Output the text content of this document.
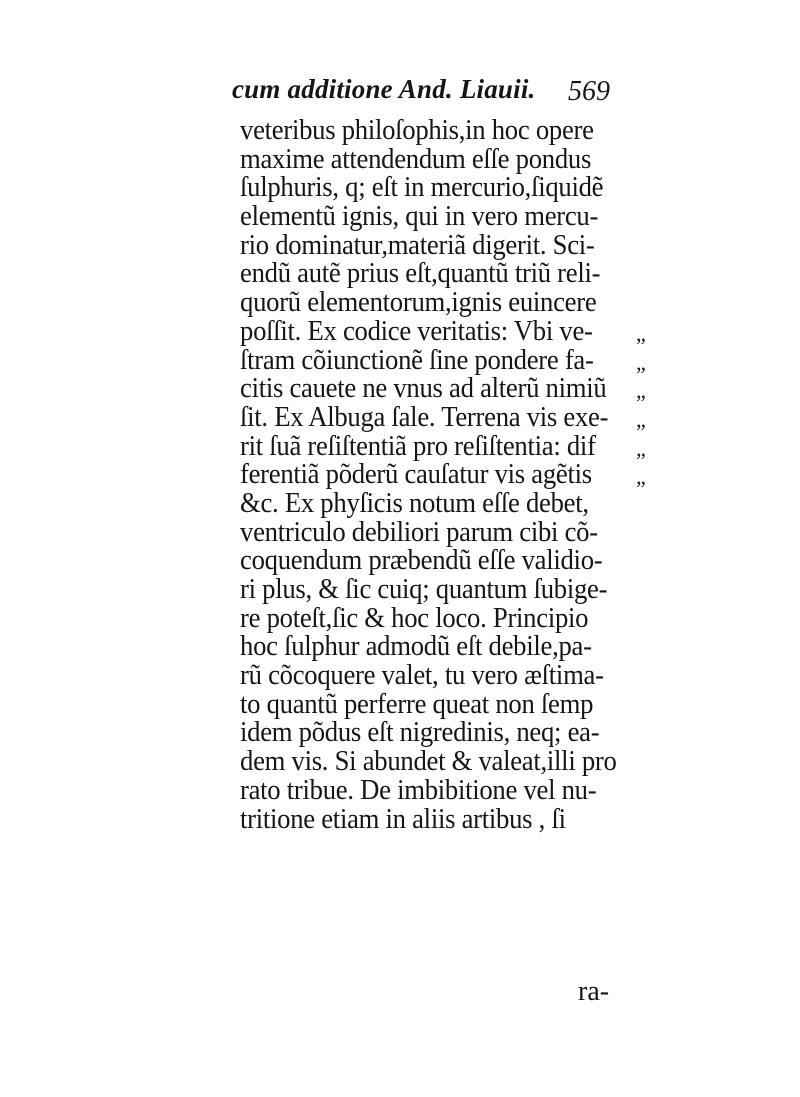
cum additione And. Liauii. 569
veteribus philoſophis,in hoc opere
maxime attendendum eſſe pondus
ſulphuris, q; eſt in mercurio,ſiquidẽ
elementũ ignis, qui in vero mercu-
rio dominatur,materiã digerit. Sci-
endũ autẽ prius eſt,quantũ triũ reli-
quorũ elementorum,ignis euincere
poſſit. Ex codice veritatis: Vbi ve- „
ſtram cõiunctionẽ ſine pondere fa- „
citis cauete ne vnus ad alterũ nimiũ „
ſit. Ex Albuga ſale. Terrena vis exe- „
rit ſuã reſiſtentiã pro reſiſtentia: dif „
ferentiã põderũ cauſatur vis agẽtis „
&c. Ex phyſicis notum eſſe debet,
ventriculo debiliori parum cibi cõ-
coquendum præbendũ eſſe validio-
ri plus, & ſic cuiq; quantum ſubige-
re poteſt,ſic & hoc loco. Principio
hoc ſulphur admodũ eſt debile,pa-
rũ cõcoquere valet, tu vero æſtima-
to quantũ perferre queat non ſemp
idem põdus eſt nigredinis, neq; ea-
dem vis. Si abundet & valeat,illi pro
rato tribue. De imbibitione vel nu-
tritione etiam in aliis artibus , ſi
ra-
